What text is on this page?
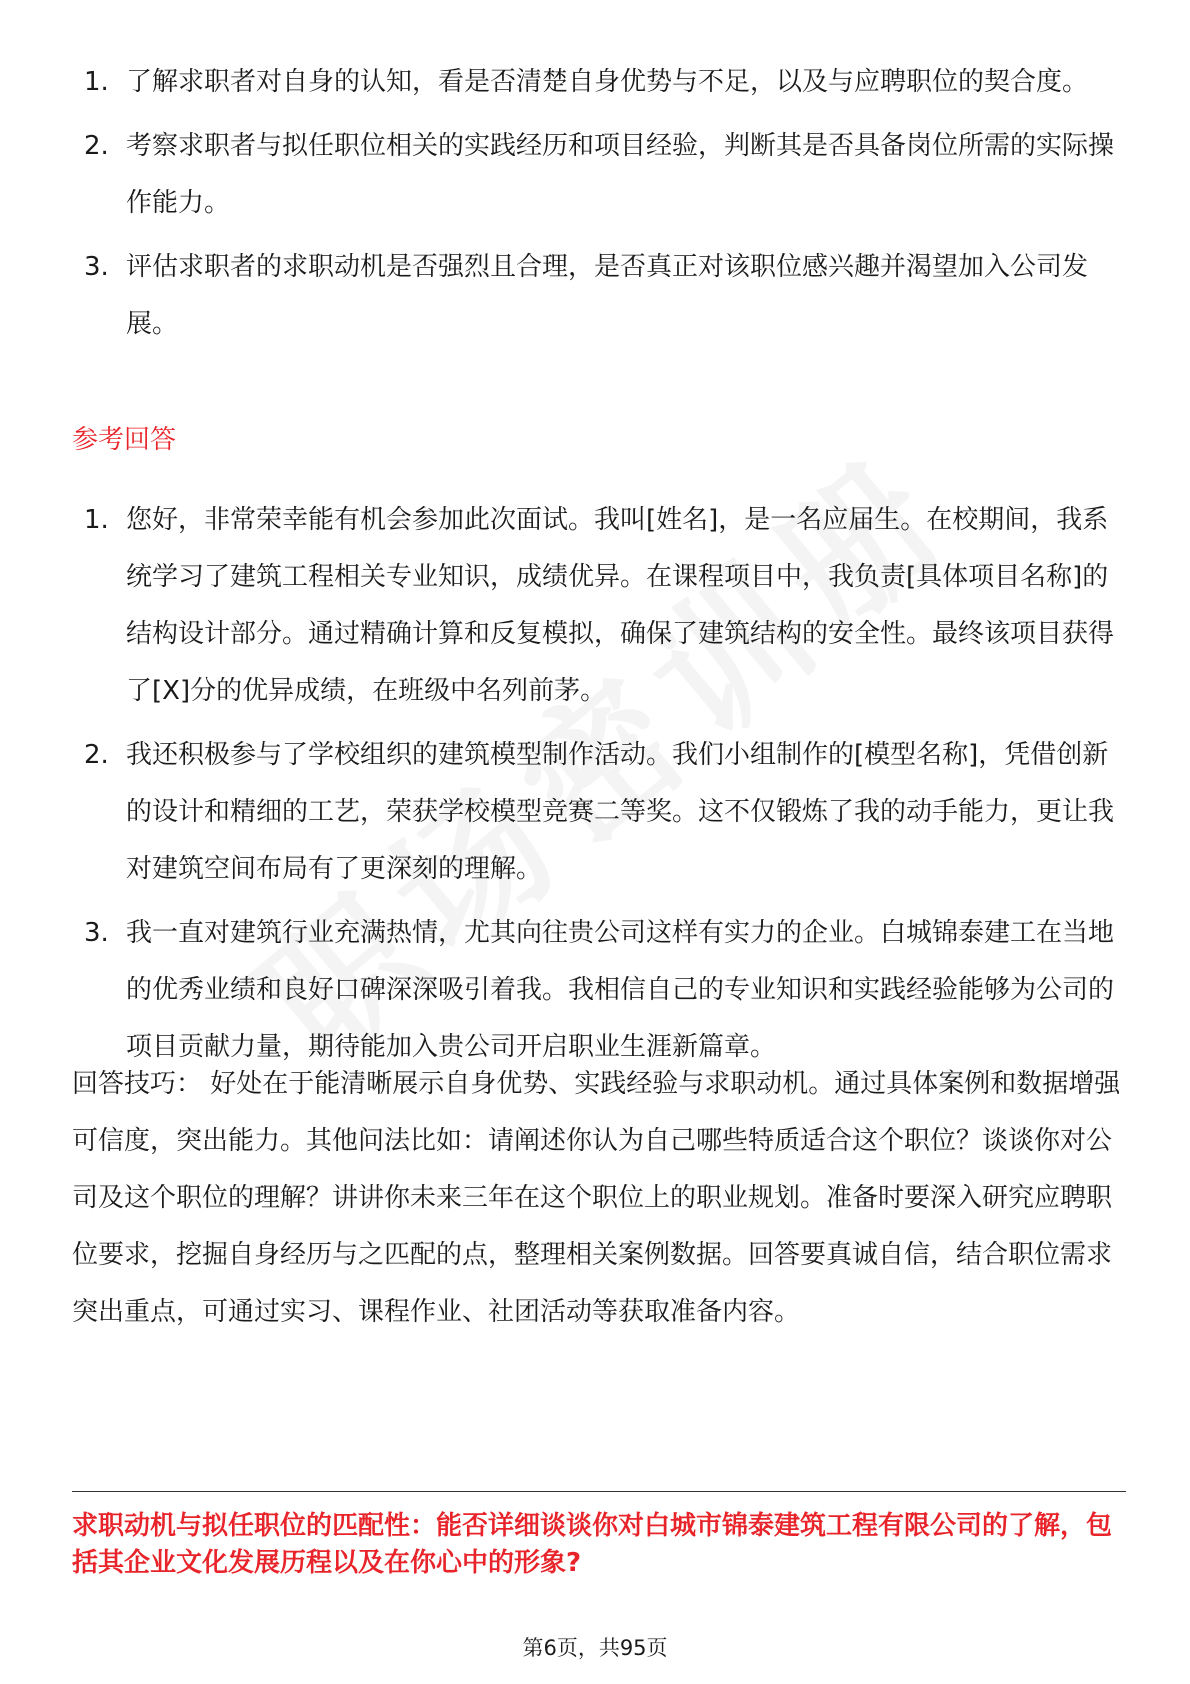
1. 了解求职者对自身的认知，看是否清楚自身优势与不足，以及与应聘职位的契合度。
2. 考察求职者与拟任职位相关的实践经历和项目经验，判断其是否具备岗位所需的实际操作能力。
3. 评估求职者的求职动机是否强烈且合理，是否真正对该职位感兴趣并渴望加入公司发展。
参考回答
1. 您好，非常荣幸能有机会参加此次面试。我叫[姓名]，是一名应届生。在校期间，我系统学习了建筑工程相关专业知识，成绩优异。在课程项目中，我负责[具体项目名称]的结构设计部分。通过精确计算和反复模拟，确保了建筑结构的安全性。最终该项目获得了[X]分的优异成绩，在班级中名列前茅。
2. 我还积极参与了学校组织的建筑模型制作活动。我们小组制作的[模型名称]，凭借创新的设计和精细的工艺，荣获学校模型竞赛二等奖。这不仅锻炼了我的动手能力，更让我对建筑空间布局有了更深刻的理解。
3. 我一直对建筑行业充满热情，尤其向往贵公司这样有实力的企业。白城锦泰建工在当地的优秀业绩和良好口碑深深吸引着我。我相信自己的专业知识和实践经验能够为公司的项目贡献力量，期待能加入贵公司开启职业生涯新篇章。

回答技巧： 好处在于能清晰展示自身优势、实践经验与求职动机。通过具体案例和数据增强可信度，突出能力。其他问法比如：请阐述你认为自己哪些特质适合这个职位？谈谈你对公司及这个职位的理解？讲讲你未来三年在这个职位上的职业规划。准备时要深入研究应聘职位要求，挖掘自身经历与之匹配的点，整理相关案例数据。回答要真诚自信，结合职位需求突出重点，可通过实习、课程作业、社团活动等获取准备内容。

求职动机与拟任职位的匹配性：能否详细谈谈你对白城市锦泰建筑工程有限公司的了解，包括其企业文化发展历程以及在你心中的形象?

第6页，共95页
